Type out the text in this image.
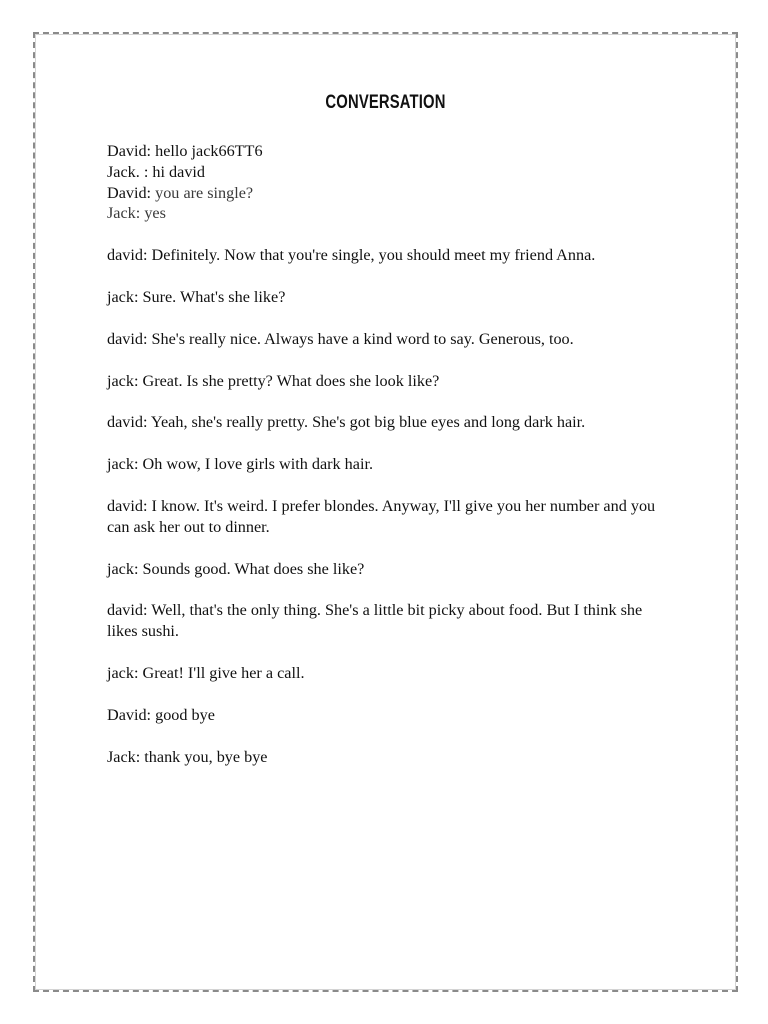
CONVERSATION
David: hello jack66TT6
Jack. : hi david
David: you are single?
Jack: yes

david: Definitely. Now that you're single, you should meet my friend Anna.

jack: Sure. What's she like?

david: She's really nice. Always have a kind word to say. Generous, too.

jack: Great. Is she pretty? What does she look like?

david: Yeah, she's really pretty. She's got big blue eyes and long dark hair.

jack: Oh wow, I love girls with dark hair.

david: I know. It's weird. I prefer blondes. Anyway, I'll give you her number and you can ask her out to dinner.

jack: Sounds good. What does she like?

david: Well, that's the only thing. She's a little bit picky about food. But I think she likes sushi.

jack: Great! I'll give her a call.

David: good bye

Jack: thank you, bye bye
